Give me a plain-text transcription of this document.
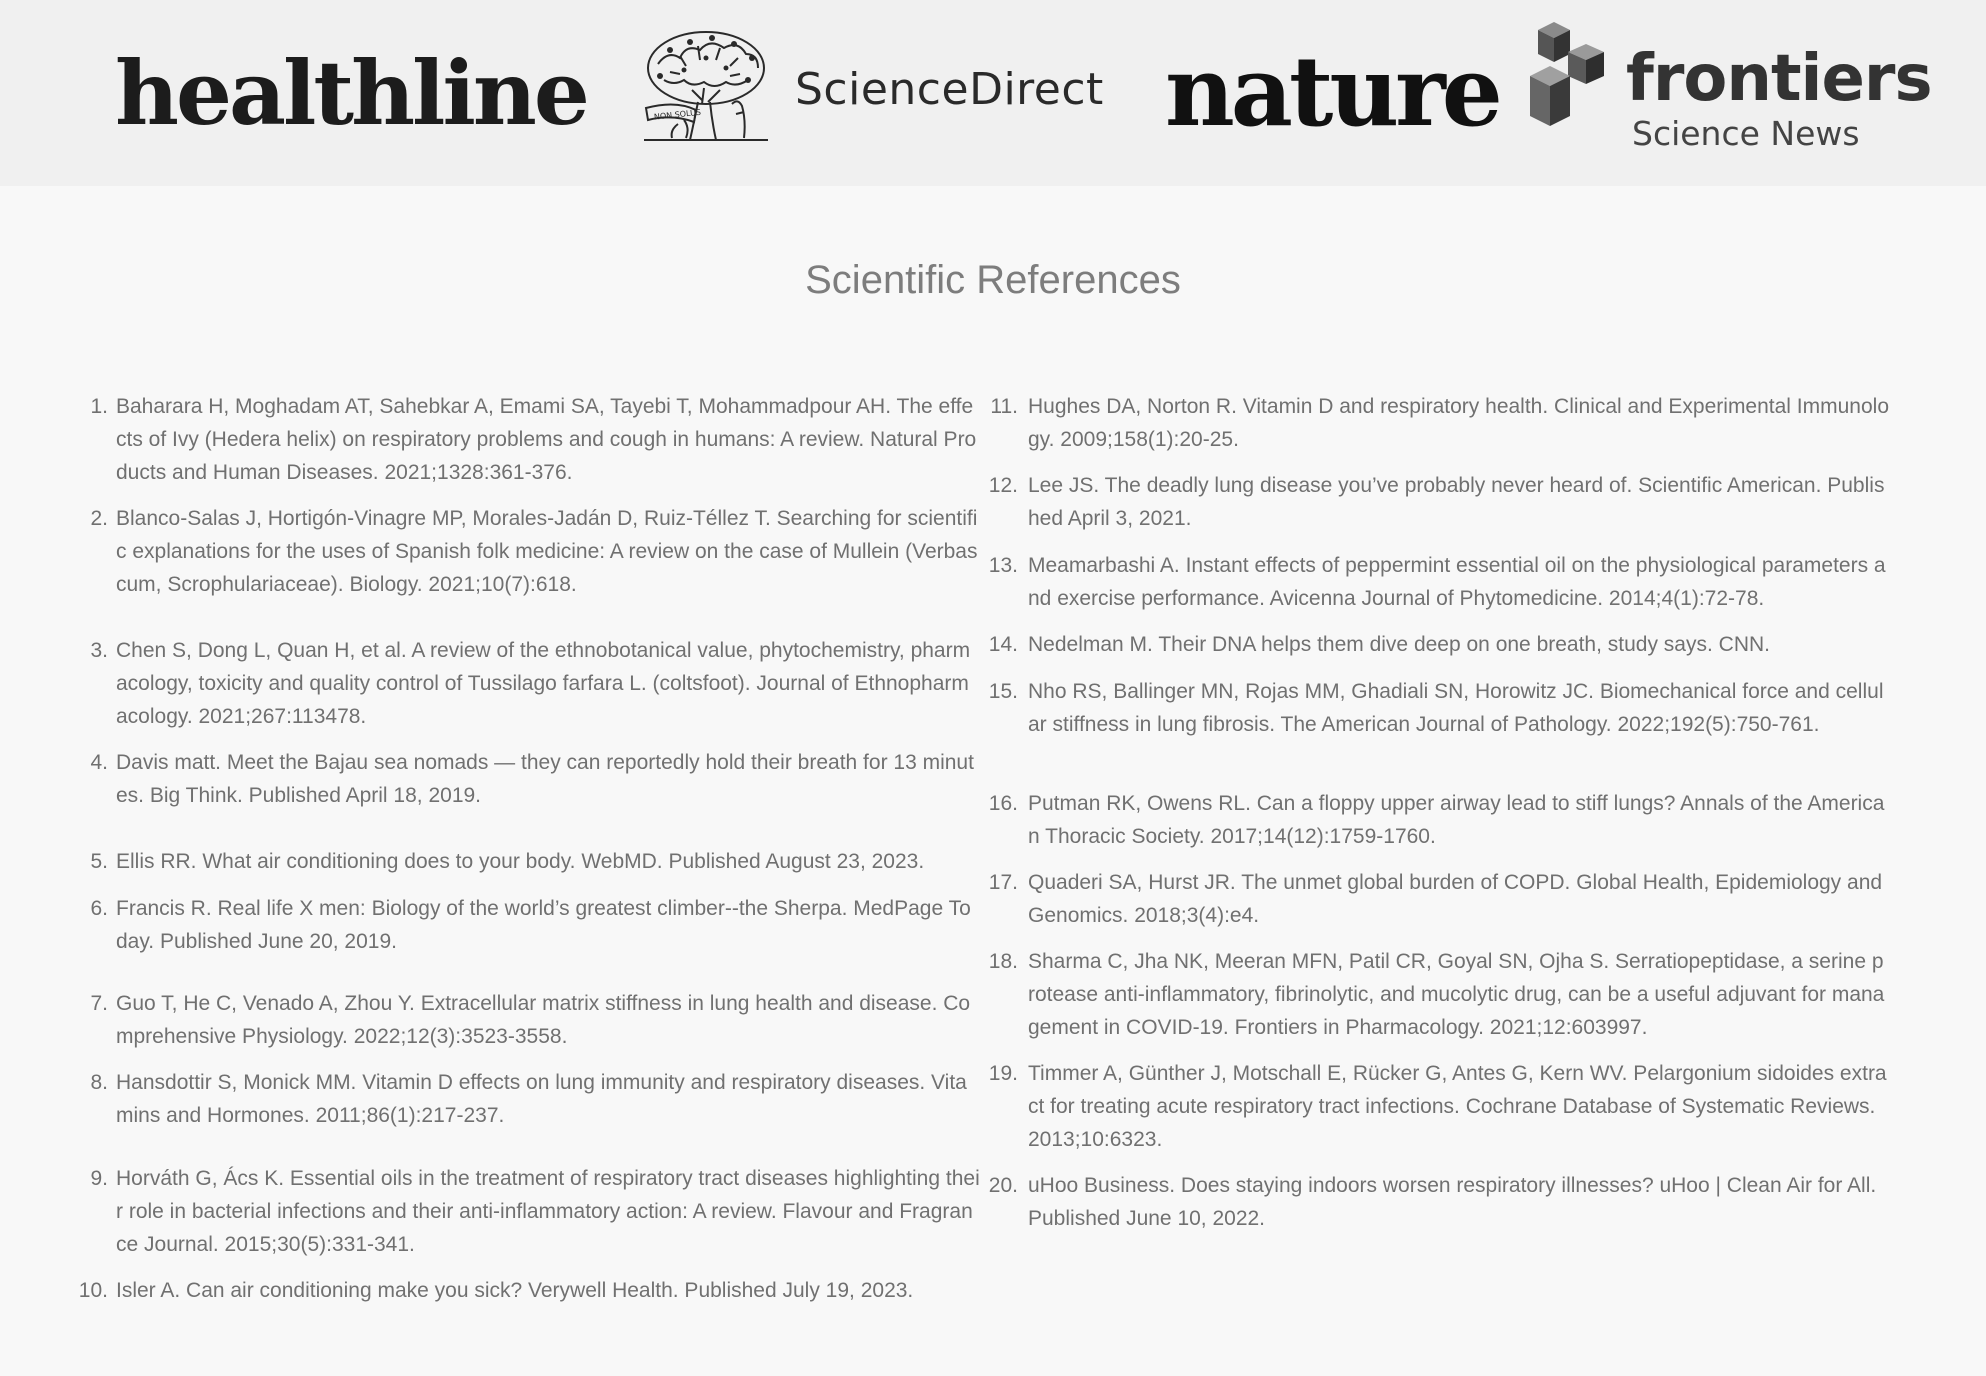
healthline	NON SOLUS ScienceDirect nature frontiers
Science News
Scientific References
1. Baharara H, Moghadam AT, Sahebkar A, Emami SA, Tayebi T, Mohammadpour AH. The effects of Ivy (Hedera helix) on respiratory problems and cough in humans: A review. Natural Products and Human Diseases. 2021;1328:361-376.
2. Blanco-Salas J, Hortigón-Vinagre MP, Morales-Jadán D, Ruiz-Téllez T. Searching for scientific explanations for the uses of Spanish folk medicine: A review on the case of Mullein (Verbascum, Scrophulariaceae). Biology. 2021;10(7):618.
3. Chen S, Dong L, Quan H, et al. A review of the ethnobotanical value, phytochemistry, pharmacology, toxicity and quality control of Tussilago farfara L. (coltsfoot). Journal of Ethnopharmacology. 2021;267:113478.
4. Davis matt. Meet the Bajau sea nomads — they can reportedly hold their breath for 13 minutes. Big Think. Published April 18, 2019.
5. Ellis RR. What air conditioning does to your body. WebMD. Published August 23, 2023.
6. Francis R. Real life X men: Biology of the world’s greatest climber--the Sherpa. MedPage Today. Published June 20, 2019.
7. Guo T, He C, Venado A, Zhou Y. Extracellular matrix stiffness in lung health and disease. Comprehensive Physiology. 2022;12(3):3523-3558.
8. Hansdottir S, Monick MM. Vitamin D effects on lung immunity and respiratory diseases. Vitamins and Hormones. 2011;86(1):217-237.
9. Horváth G, Ács K. Essential oils in the treatment of respiratory tract diseases highlighting their role in bacterial infections and their anti-inflammatory action: A review. Flavour and Fragrance Journal. 2015;30(5):331-341.
10. Isler A. Can air conditioning make you sick? Verywell Health. Published July 19, 2023.
11. Hughes DA, Norton R. Vitamin D and respiratory health. Clinical and Experimental Immunology. 2009;158(1):20-25.
12. Lee JS. The deadly lung disease you’ve probably never heard of. Scientific American. Published April 3, 2021.
13. Meamarbashi A. Instant effects of peppermint essential oil on the physiological parameters and exercise performance. Avicenna Journal of Phytomedicine. 2014;4(1):72-78.
14. Nedelman M. Their DNA helps them dive deep on one breath, study says. CNN.
15. Nho RS, Ballinger MN, Rojas MM, Ghadiali SN, Horowitz JC. Biomechanical force and cellular stiffness in lung fibrosis. The American Journal of Pathology. 2022;192(5):750-761.
16. Putman RK, Owens RL. Can a floppy upper airway lead to stiff lungs? Annals of the American Thoracic Society. 2017;14(12):1759-1760.
17. Quaderi SA, Hurst JR. The unmet global burden of COPD. Global Health, Epidemiology and Genomics. 2018;3(4):e4.
18. Sharma C, Jha NK, Meeran MFN, Patil CR, Goyal SN, Ojha S. Serratiopeptidase, a serine protease anti-inflammatory, fibrinolytic, and mucolytic drug, can be a useful adjuvant for management in COVID-19. Frontiers in Pharmacology. 2021;12:603997.
19. Timmer A, Günther J, Motschall E, Rücker G, Antes G, Kern WV. Pelargonium sidoides extract for treating acute respiratory tract infections. Cochrane Database of Systematic Reviews. 2013;10:6323.
20. uHoo Business. Does staying indoors worsen respiratory illnesses? uHoo | Clean Air for All. Published June 10, 2022.
